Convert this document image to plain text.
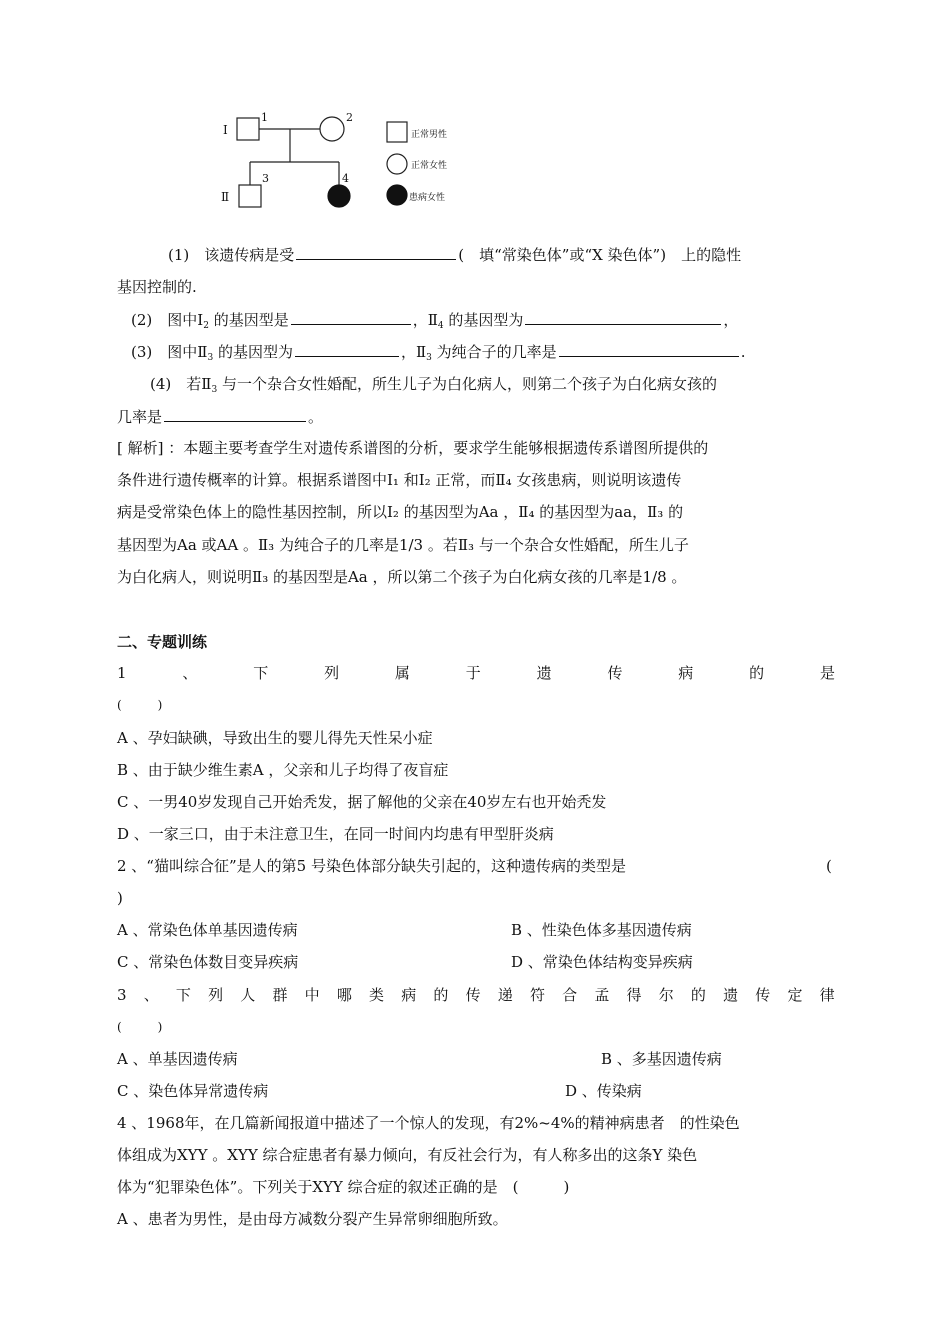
Ⅰ
Ⅱ
1	2
3	4
正常男性
正常女性
患病女性
(1)　该遗传病是受	(　填“常染色体”或“X 染色体”)　上的隐性
基因控制的.
(2)　图中$I_2$ 的基因型是	，$Ⅱ_4$ 的基因型为	，
(3)　图中$Ⅱ_3$ 的基因型为	，$Ⅱ_3$ 为纯合子的几率是	.
(4)　若$Ⅱ_3$ 与一个杂合女性婚配，所生儿子为白化病人，则第二个孩子为白化病女孩的
几率是	。
[ 解析] ：本题主要考查学生对遗传系谱图的分析，要求学生能够根据遗传系谱图所提供的
条件进行遗传概率的计算。根据系谱图中Ⅰ₁ 和Ⅰ₂ 正常，而Ⅱ₄ 女孩患病，则说明该遗传
病是受常染色体上的隐性基因控制，所以Ⅰ₂ 的基因型为Aa ，Ⅱ₄ 的基因型为aa，Ⅱ₃ 的
基因型为Aa 或AA 。Ⅱ₃ 为纯合子的几率是1/3 。若Ⅱ₃ 与一个杂合女性婚配，所生儿子
为白化病人，则说明Ⅱ₃ 的基因型是Aa ，所以第二个孩子为白化病女孩的几率是1/8 。
二、专题训练
1	、	下	列	属	于	遗	传	病	的	是
(　　　)
A 、孕妇缺碘，导致出生的婴儿得先天性呆小症
B 、由于缺少维生素A ，父亲和儿子均得了夜盲症
C 、一男40岁发现自己开始秃发，据了解他的父亲在40岁左右也开始秃发
D 、一家三口，由于未注意卫生，在同一时间内均患有甲型肝炎病
2 、“猫叫综合征”是人的第5 号染色体部分缺失引起的，这种遗传病的类型是	(
)
A 、常染色体单基因遗传病	B 、性染色体多基因遗传病
C 、常染色体数目变异疾病	D 、常染色体结构变异疾病
3 、 下 列 人 群 中 哪 类 病 的 传 递 符 合 孟 得 尔 的 遗 传 定 律
(　　　)
A 、单基因遗传病	B 、多基因遗传病
C 、染色体异常遗传病	D 、传染病
4 、1968年，在几篇新闻报道中描述了一个惊人的发现，有2%~4%的精神病患者　的性染色
体组成为XYY 。XYY 综合症患者有暴力倾向，有反社会行为，有人称多出的这条Y 染色
体为“犯罪染色体”。下列关于XYY 综合症的叙述正确的是　(　　　)
A 、患者为男性，是由母方减数分裂产生异常卵细胞所致。
